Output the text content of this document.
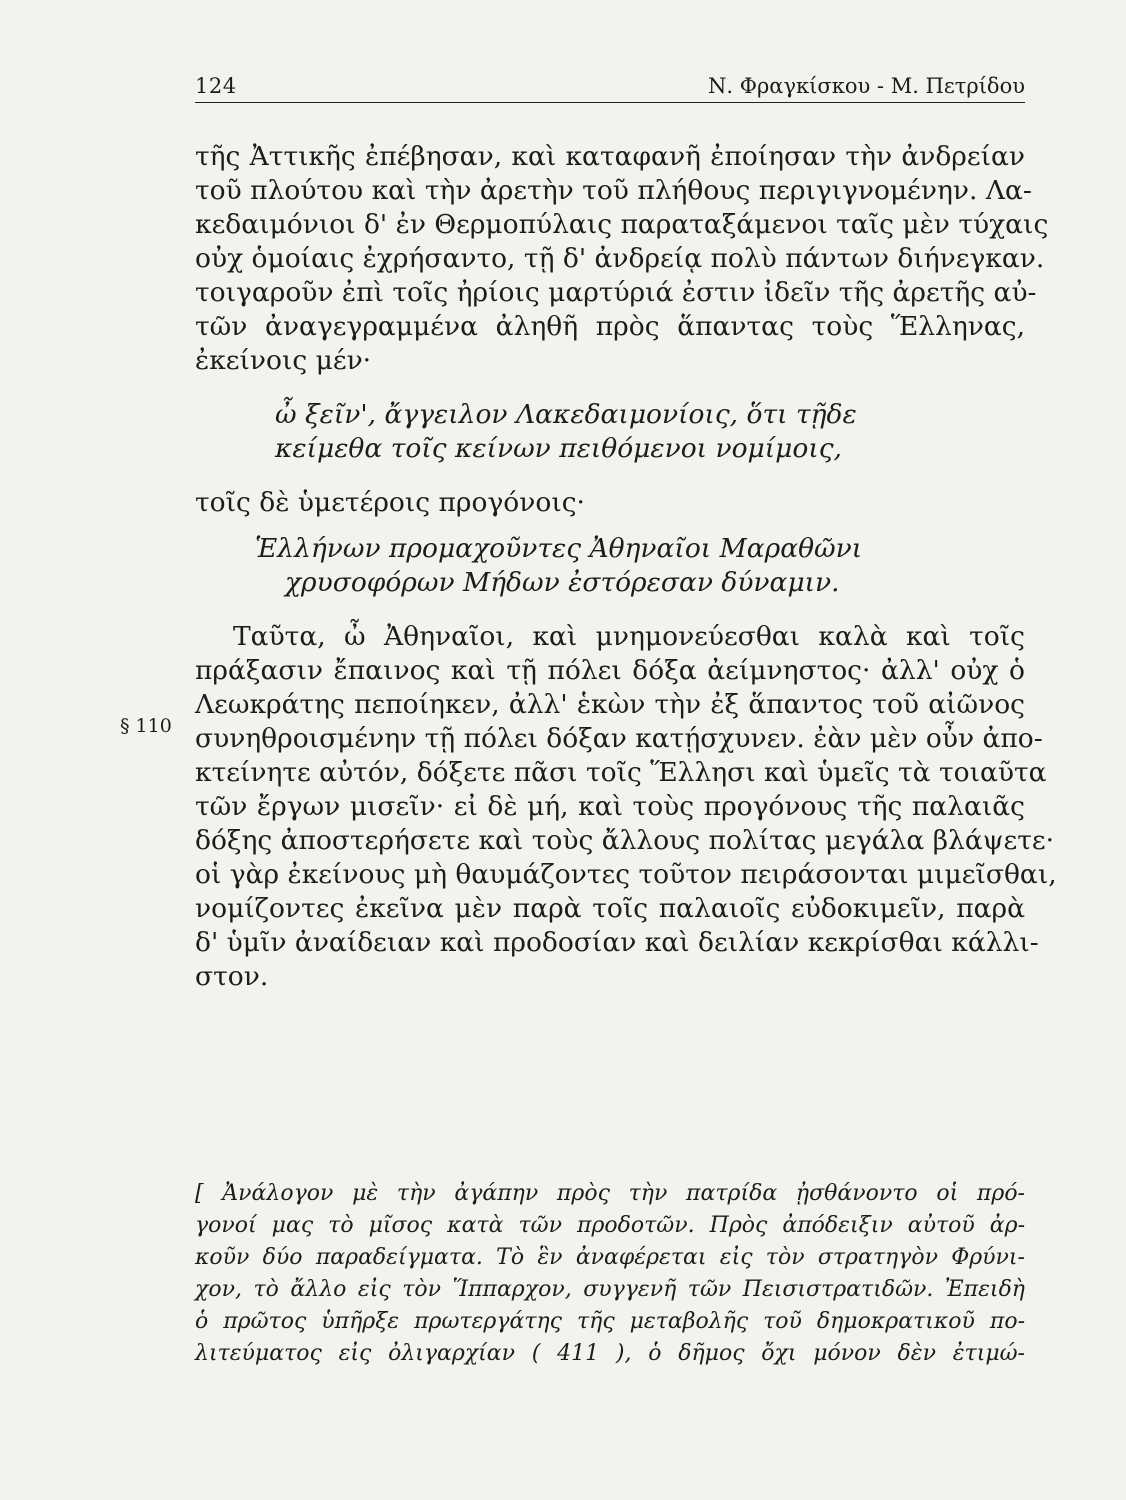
124	Ν. Φραγκίσκου - Μ. Πετρίδου
τῆς Ἀττικῆς ἐπέβησαν, καὶ καταφανῆ ἐποίησαν τὴν ἀνδρείαν
τοῦ πλούτου καὶ τὴν ἀρετὴν τοῦ πλήθους περιγιγνομένην. Λα-
κεδαιμόνιοι δ' ἐν Θερμοπύλαις παραταξάμενοι ταῖς μὲν τύχαις
οὐχ ὁμοίαις ἐχρήσαντο, τῇ δ' ἀνδρείᾳ πολὺ πάντων διήνεγκαν.
τοιγαροῦν ἐπὶ τοῖς ἠρίοις μαρτύριά ἐστιν ἰδεῖν τῆς ἀρετῆς αὐ-
τῶν ἀναγεγραμμένα ἀληθῆ πρὸς ἅπαντας τοὺς Ἕλληνας,
ἐκείνοις μέν·
ὦ ξεῖν', ἄγγειλον Λακεδαιμονίοις, ὅτι τῇδε
κείμεθα τοῖς κείνων πειθόμενοι νομίμοις,
τοῖς δὲ ὑμετέροις προγόνοις·
Ἑλλήνων προμαχοῦντες Ἀθηναῖοι Μαραθῶνι
χρυσοφόρων Μήδων ἐστόρεσαν δύναμιν.
Ταῦτα, ὦ Ἀθηναῖοι, καὶ μνημονεύεσθαι καλὰ καὶ τοῖς
πράξασιν ἔπαινος καὶ τῇ πόλει δόξα ἀείμνηστος· ἀλλ' οὐχ ὁ
Λεωκράτης πεποίηκεν, ἀλλ' ἑκὼν τὴν ἐξ ἅπαντος τοῦ αἰῶνος
συνηθροισμένην τῇ πόλει δόξαν κατῄσχυνεν. ἐὰν μὲν οὖν ἀπο-
κτείνητε αὐτόν, δόξετε πᾶσι τοῖς Ἕλλησι καὶ ὑμεῖς τὰ τοιαῦτα
τῶν ἔργων μισεῖν· εἰ δὲ μή, καὶ τοὺς προγόνους τῆς παλαιᾶς
δόξης ἀποστερήσετε καὶ τοὺς ἄλλους πολίτας μεγάλα βλάψετε·
οἱ γὰρ ἐκείνους μὴ θαυμάζοντες τοῦτον πειράσονται μιμεῖσθαι,
νομίζοντες ἐκεῖνα μὲν παρὰ τοῖς παλαιοῖς εὐδοκιμεῖν, παρὰ
δ' ὑμῖν ἀναίδειαν καὶ προδοσίαν καὶ δειλίαν κεκρίσθαι κάλλι-
στον.
§ 110
[ Ἀνάλογον μὲ τὴν ἀγάπην πρὸς τὴν πατρίδα ᾐσθάνοντο οἱ πρό-
γονοί μας τὸ μῖσος κατὰ τῶν προδοτῶν. Πρὸς ἀπόδειξιν αὐτοῦ ἀρ-
κοῦν δύο παραδείγματα. Τὸ ἓν ἀναφέρεται εἰς τὸν στρατηγὸν Φρύνι-
χον, τὸ ἄλλο εἰς τὸν Ἵππαρχον, συγγενῆ τῶν Πεισιστρατιδῶν. Ἐπειδὴ
ὁ πρῶτος ὑπῆρξε πρωτεργάτης τῆς μεταβολῆς τοῦ δημοκρατικοῦ πο-
λιτεύματος εἰς ὀλιγαρχίαν ( 411 ), ὁ δῆμος ὄχι μόνον δὲν ἐτιμώ-
